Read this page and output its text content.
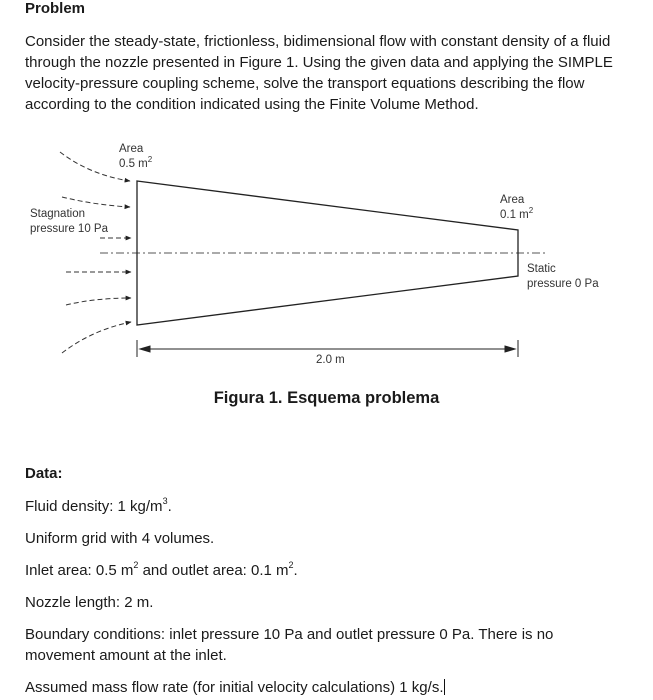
Problem
Consider the steady-state, frictionless, bidimensional flow with constant density of a fluid through the nozzle presented in Figure 1. Using the given data and applying the SIMPLE velocity-pressure coupling scheme, solve the transport equations describing the flow according to the condition indicated using the Finite Volume Method.
Area
0.5 $m^2$
Area
0.1 $m^2$
Stagnation
pressure 10 Pa
Static
pressure 0 Pa
2.0 m
Figura 1. Esquema problema
Data:
Fluid density: 1 $kg/m^3$.
Uniform grid with 4 volumes.
Inlet area: 0.5 $m^2$ and outlet area: 0.1 $m^2$.
Nozzle length: 2 m.
Boundary conditions: inlet pressure 10 Pa and outlet pressure 0 Pa. There is no movement amount at the inlet.
Assumed mass flow rate (for initial velocity calculations) 1 kg/s.
